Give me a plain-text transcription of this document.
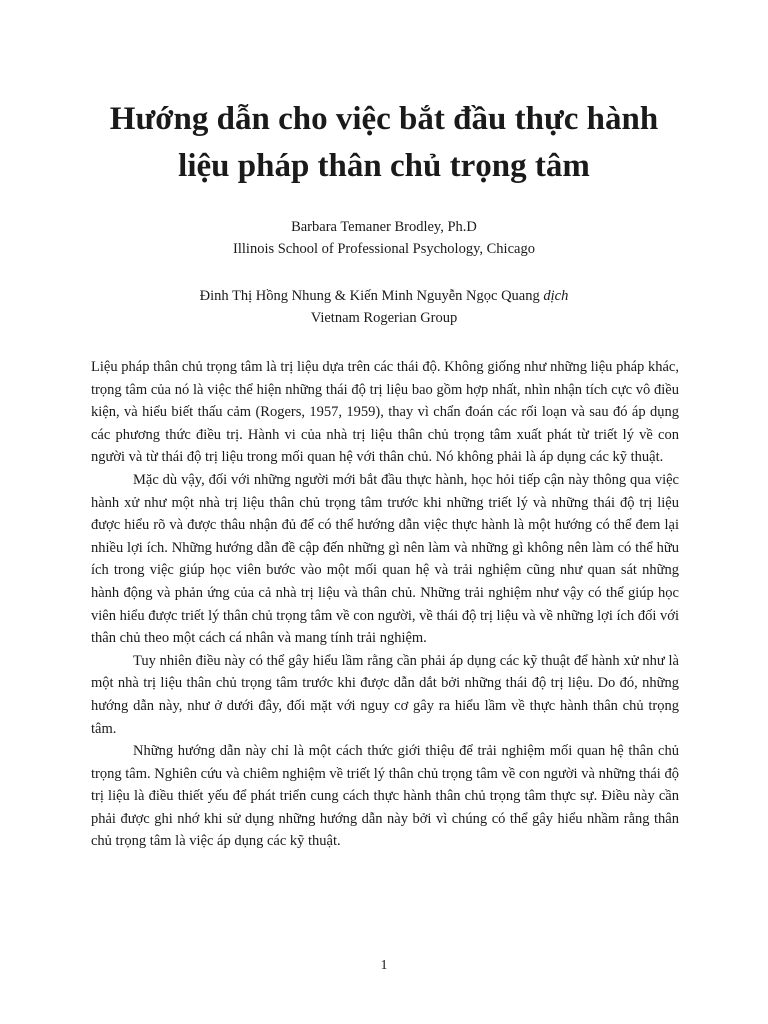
Hướng dẫn cho việc bắt đầu thực hành
liệu pháp thân chủ trọng tâm

Barbara Temaner Brodley, Ph.D

Illinois School of Professional Psychology, Chicago

Đinh Thị Hồng Nhung & Kiến Minh Nguyễn Ngọc Quang dịch

Vietnam Rogerian Group

Liệu pháp thân chủ trọng tâm là trị liệu dựa trên các thái độ. Không giống như những liệu pháp khác, trọng tâm của nó là việc thể hiện những thái độ trị liệu bao gồm hợp nhất, nhìn nhận tích cực vô điều kiện, và hiểu biết thấu cảm (Rogers, 1957, 1959), thay vì chẩn đoán các rối loạn và sau đó áp dụng các phương thức điều trị. Hành vi của nhà trị liệu thân chủ trọng tâm xuất phát từ triết lý về con người và từ thái độ trị liệu trong mối quan hệ với thân chủ. Nó không phải là áp dụng các kỹ thuật.

Mặc dù vậy, đối với những người mới bắt đầu thực hành, học hỏi tiếp cận này thông qua việc hành xử như một nhà trị liệu thân chủ trọng tâm trước khi những triết lý và những thái độ trị liệu được hiểu rõ và được thâu nhận đủ để có thể hướng dẫn việc thực hành là một hướng có thể đem lại nhiều lợi ích. Những hướng dẫn đề cập đến những gì nên làm và những gì không nên làm có thể hữu ích trong việc giúp học viên bước vào một mối quan hệ và trải nghiệm cũng như quan sát những hành động và phản ứng của cả nhà trị liệu và thân chủ. Những trải nghiệm như vậy có thể giúp học viên hiểu được triết lý thân chủ trọng tâm về con người, về thái độ trị liệu và về những lợi ích đối với thân chủ theo một cách cá nhân và mang tính trải nghiệm.

Tuy nhiên điều này có thể gây hiểu lầm rằng cần phải áp dụng các kỹ thuật để hành xử như là một nhà trị liệu thân chủ trọng tâm trước khi được dẫn dắt bởi những thái độ trị liệu. Do đó, những hướng dẫn này, như ở dưới đây, đối mặt với nguy cơ gây ra hiểu lầm về thực hành thân chủ trọng tâm.

Những hướng dẫn này chỉ là một cách thức giới thiệu để trải nghiệm mối quan hệ thân chủ trọng tâm. Nghiên cứu và chiêm nghiệm về triết lý thân chủ trọng tâm về con người và những thái độ trị liệu là điều thiết yếu để phát triển cung cách thực hành thân chủ trọng tâm thực sự. Điều này cần phải được ghi nhớ khi sử dụng những hướng dẫn này bởi vì chúng có thể gây hiểu nhầm rằng thân chủ trọng tâm là việc áp dụng các kỹ thuật.

1
